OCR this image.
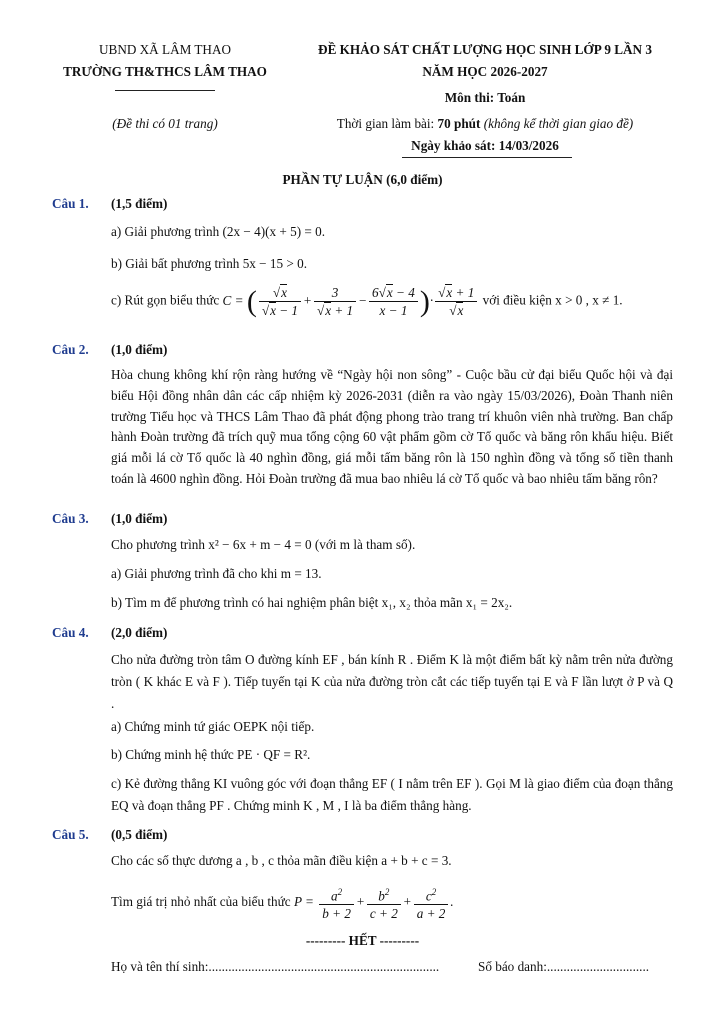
UBND XÃ LÂM THAO
TRƯỜNG TH&THCS LÂM THAO
(Đề thi có 01 trang)
ĐỀ KHẢO SÁT CHẤT LƯỢNG HỌC SINH LỚP 9 LẦN 3
NĂM HỌC 2026-2027
Môn thi: Toán
Thời gian làm bài: 70 phút (không kể thời gian giao đề)
Ngày khảo sát: 14/03/2026
PHẦN TỰ LUẬN (6,0 điểm)
Câu 1. (1,5 điểm)
a) Giải phương trình (2x − 4)(x + 5) = 0.
b) Giải bất phương trình 5x − 15 > 0.
c) Rút gọn biểu thức C = ( $\frac{√x}{√x - 1} + \frac{3}{√x + 1} - \frac{6√x - 4}{x - 1}$ )· $\frac{√x + 1}{√x}$ với điều kiện x > 0 , x ≠ 1.
Câu 2. (1,0 điểm)
Hòa chung không khí rộn ràng hướng về “Ngày hội non sông” - Cuộc bầu cử đại biểu Quốc hội và đại biểu Hội đồng nhân dân các cấp nhiệm kỳ 2026-2031 (diễn ra vào ngày 15/03/2026), Đoàn Thanh niên trường Tiểu học và THCS Lâm Thao đã phát động phong trào trang trí khuôn viên nhà trường. Ban chấp hành Đoàn trường đã trích quỹ mua tổng cộng 60 vật phẩm gồm cờ Tổ quốc và băng rôn khẩu hiệu. Biết giá mỗi lá cờ Tổ quốc là 40 nghìn đồng, giá mỗi tấm băng rôn là 150 nghìn đồng và tổng số tiền thanh toán là 4600 nghìn đồng. Hỏi Đoàn trường đã mua bao nhiêu lá cờ Tổ quốc và bao nhiêu tấm băng rôn?
Câu 3. (1,0 điểm)
Cho phương trình x² − 6x + m − 4 = 0 (với m là tham số).
a) Giải phương trình đã cho khi m = 13.
b) Tìm m để phương trình có hai nghiệm phân biệt x₁, x₂ thỏa mãn x₁ = 2x₂.
Câu 4. (2,0 điểm)
Cho nửa đường tròn tâm O đường kính EF , bán kính R . Điểm K là một điểm bất kỳ nằm trên nửa đường tròn ( K khác E và F ). Tiếp tuyến tại K của nửa đường tròn cắt các tiếp tuyến tại E và F lần lượt ở P và Q .
a) Chứng minh tứ giác OEPK nội tiếp.
b) Chứng minh hệ thức PE · QF = R².
c) Kẻ đường thẳng KI vuông góc với đoạn thẳng EF ( I nằm trên EF ). Gọi M là giao điểm của đoạn thẳng EQ và đoạn thẳng PF . Chứng minh K , M , I là ba điểm thẳng hàng.
Câu 5. (0,5 điểm)
Cho các số thực dương a , b , c thỏa mãn điều kiện a + b + c = 3.
Tìm giá trị nhỏ nhất của biểu thức $P = \frac{a^2}{b + 2} + \frac{b^2}{c + 2} + \frac{c^2}{a + 2}$ .
--------- HẾT ---------
Họ và tên thí sinh:......................................................................	Số báo danh:...............................
